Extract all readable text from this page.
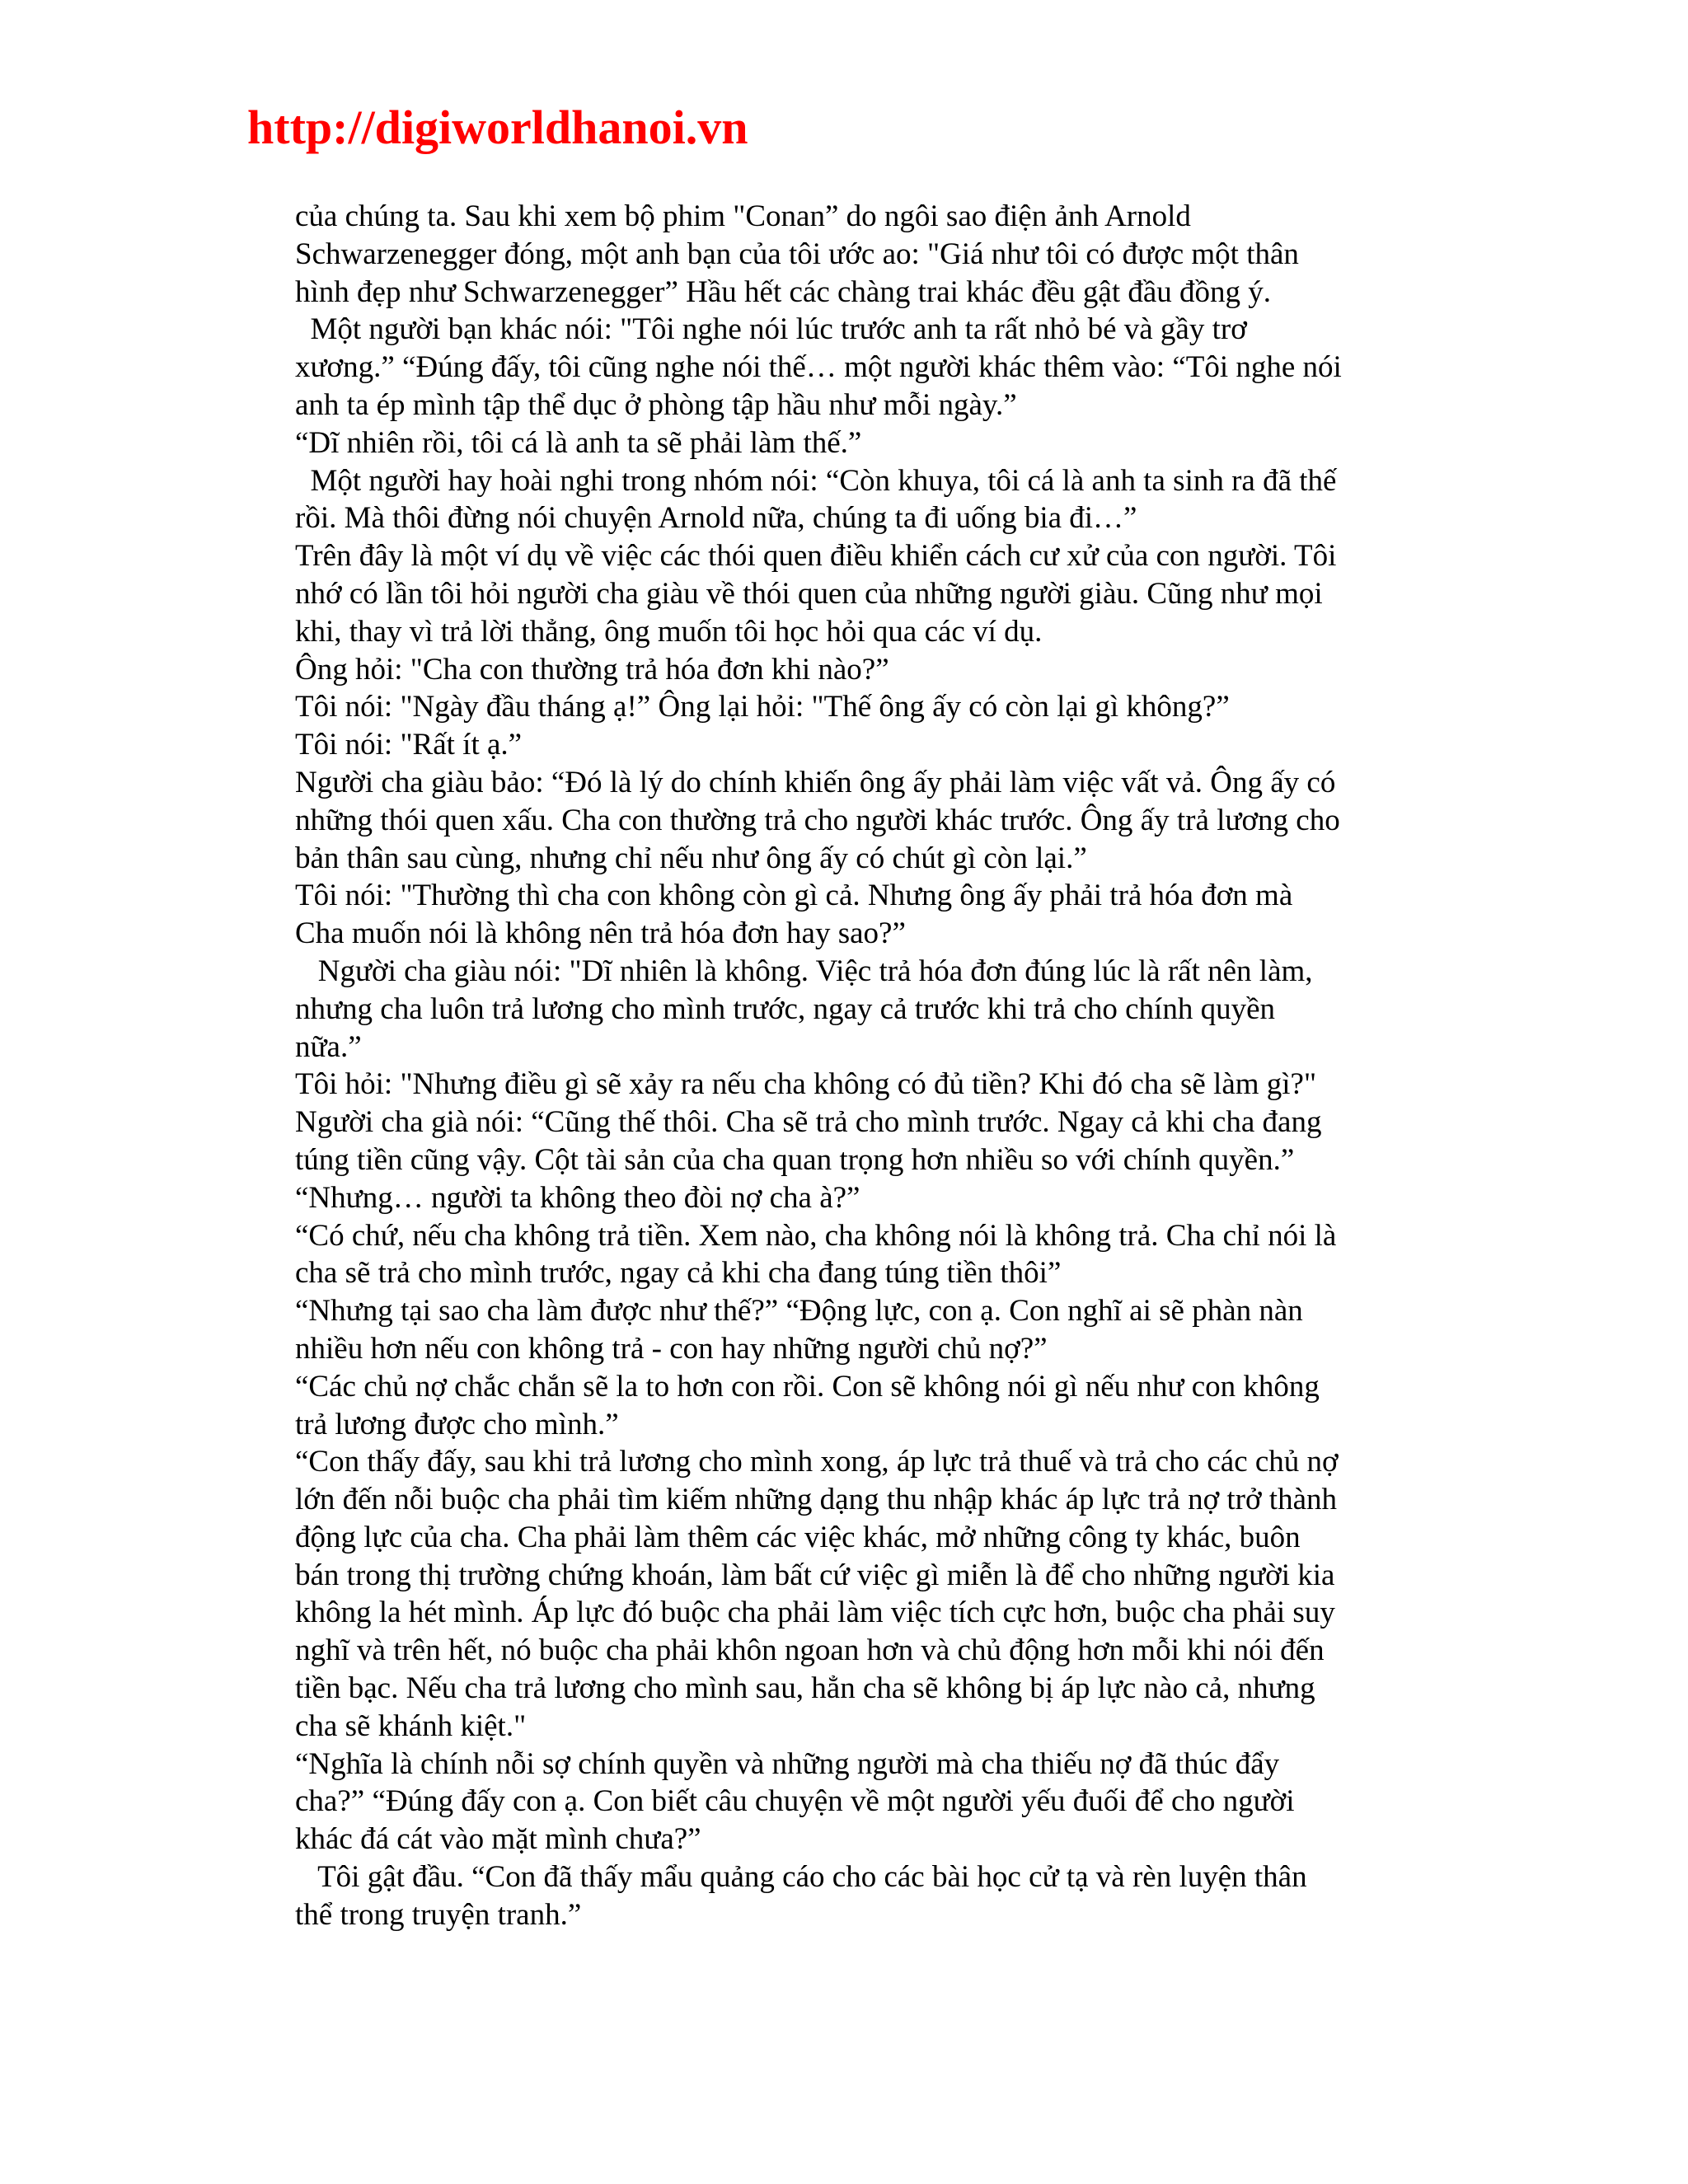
http://digiworldhanoi.vn
của chúng ta. Sau khi xem bộ phim "Conan” do ngôi sao điện ảnh Arnold
Schwarzenegger đóng, một anh bạn của tôi ước ao: "Giá như tôi có được một thân
hình đẹp như Schwarzenegger” Hầu hết các chàng trai khác đều gật đầu đồng ý.
Một người bạn khác nói: "Tôi nghe nói lúc trước anh ta rất nhỏ bé và gầy trơ
xương.” “Đúng đấy, tôi cũng nghe nói thế… một người khác thêm vào: “Tôi nghe nói
anh ta ép mình tập thể dục ở phòng tập hầu như mỗi ngày.”
“Dĩ nhiên rồi, tôi cá là anh ta sẽ phải làm thế.”
Một người hay hoài nghi trong nhóm nói: “Còn khuya, tôi cá là anh ta sinh ra đã thế
rồi. Mà thôi đừng nói chuyện Arnold nữa, chúng ta đi uống bia đi…”
Trên đây là một ví dụ về việc các thói quen điều khiển cách cư xử của con người. Tôi
nhớ có lần tôi hỏi người cha giàu về thói quen của những người giàu. Cũng như mọi
khi, thay vì trả lời thẳng, ông muốn tôi học hỏi qua các ví dụ.
Ông hỏi: "Cha con thường trả hóa đơn khi nào?”
Tôi nói: "Ngày đầu tháng ạ!” Ông lại hỏi: "Thế ông ấy có còn lại gì không?”
Tôi nói: "Rất ít ạ.”
Người cha giàu bảo: “Đó là lý do chính khiến ông ấy phải làm việc vất vả. Ông ấy có
những thói quen xấu. Cha con thường trả cho người khác trước. Ông ấy trả lương cho
bản thân sau cùng, nhưng chỉ nếu như ông ấy có chút gì còn lại.”
Tôi nói: "Thường thì cha con không còn gì cả. Nhưng ông ấy phải trả hóa đơn mà
Cha muốn nói là không nên trả hóa đơn hay sao?”
Người cha giàu nói: "Dĩ nhiên là không. Việc trả hóa đơn đúng lúc là rất nên làm,
nhưng cha luôn trả lương cho mình trước, ngay cả trước khi trả cho chính quyền
nữa.”
Tôi hỏi: "Nhưng điều gì sẽ xảy ra nếu cha không có đủ tiền? Khi đó cha sẽ làm gì?"
Người cha già nói: “Cũng thế thôi. Cha sẽ trả cho mình trước. Ngay cả khi cha đang
túng tiền cũng vậy. Cột tài sản của cha quan trọng hơn nhiều so với chính quyền.”
“Nhưng… người ta không theo đòi nợ cha à?”
“Có chứ, nếu cha không trả tiền. Xem nào, cha không nói là không trả. Cha chỉ nói là
cha sẽ trả cho mình trước, ngay cả khi cha đang túng tiền thôi”
“Nhưng tại sao cha làm được như thế?” “Động lực, con ạ. Con nghĩ ai sẽ phàn nàn
nhiều hơn nếu con không trả - con hay những người chủ nợ?”
“Các chủ nợ chắc chắn sẽ la to hơn con rồi. Con sẽ không nói gì nếu như con không
trả lương được cho mình.”
“Con thấy đấy, sau khi trả lương cho mình xong, áp lực trả thuế và trả cho các chủ nợ
lớn đến nỗi buộc cha phải tìm kiếm những dạng thu nhập khác áp lực trả nợ trở thành
động lực của cha. Cha phải làm thêm các việc khác, mở những công ty khác, buôn
bán trong thị trường chứng khoán, làm bất cứ việc gì miễn là để cho những người kia
không la hét mình. Áp lực đó buộc cha phải làm việc tích cực hơn, buộc cha phải suy
nghĩ và trên hết, nó buộc cha phải khôn ngoan hơn và chủ động hơn mỗi khi nói đến
tiền bạc. Nếu cha trả lương cho mình sau, hẳn cha sẽ không bị áp lực nào cả, nhưng
cha sẽ khánh kiệt."
“Nghĩa là chính nỗi sợ chính quyền và những người mà cha thiếu nợ đã thúc đẩy
cha?” “Đúng đấy con ạ. Con biết câu chuyện về một người yếu đuối để cho người
khác đá cát vào mặt mình chưa?”
Tôi gật đầu. “Con đã thấy mẩu quảng cáo cho các bài học cử tạ và rèn luyện thân
thể trong truyện tranh.”
